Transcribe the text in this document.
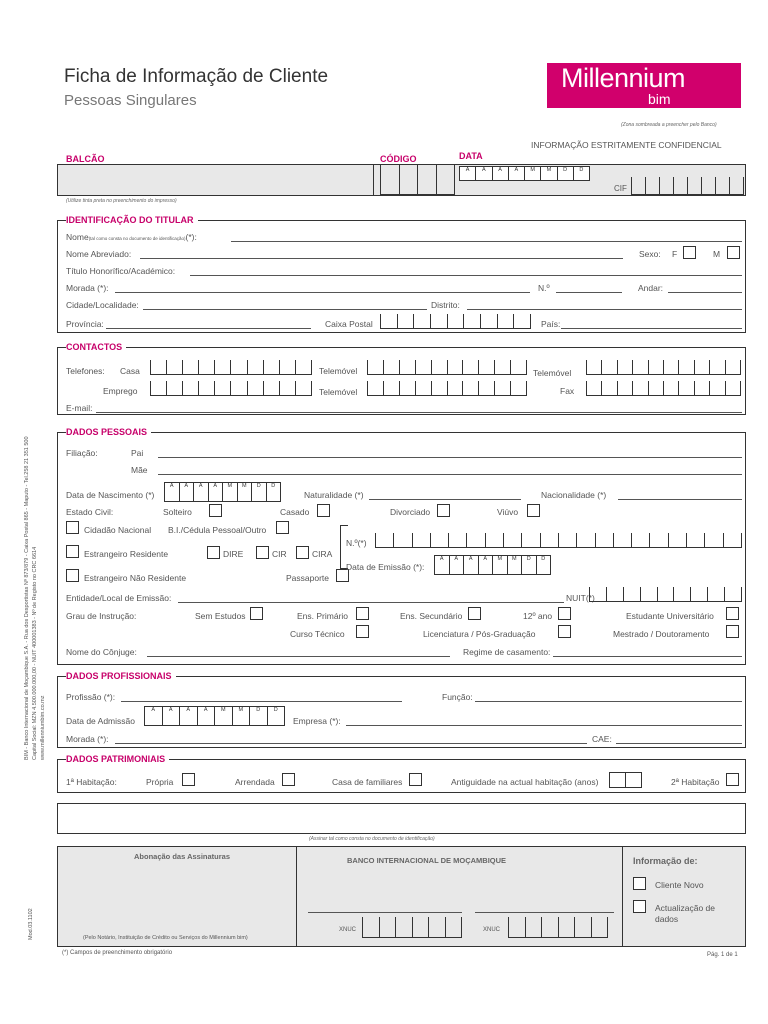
Ficha de Informação de Cliente
Pessoas Singulares
Millennium
bim
(Zona sombreada a preencher pelo Banco)
INFORMAÇÃO ESTRITAMENTE CONFIDENCIAL
BALCÃO	CÓDIGO	DATA
A	A	A	A	M	M	D	D
CIF
(Utilize tinta preta no preenchimento do impresso)
IDENTIFICAÇÃO DO TITULAR
Nome(tal como consta no documento de identificação)(*):
Nome Abreviado:	Sexo: F	M
Título Honorífico/Académico:
Morada (*):	N.º	Andar:
Cidade/Localidade:	Distrito:
Província:	Caixa Postal	País:
CONTACTOS
Telefones: Casa	Telemóvel	Telemóvel
Emprego	Telemóvel	Fax
E-mail:
DADOS PESSOAIS
Filiação:	Pai
Mãe
Data de Nascimento (*)
A	A	A	A	M	M	D	D
Naturalidade (*)	Nacionalidade (*)
Estado Civil:	Solteiro	Casado	Divorciado	Viúvo
Cidadão Nacional B.I./Cédula Pessoal/Outro
Estrangeiro Residente	DIRE	CIR	CIRA
Estrangeiro Não Residente	Passaporte
N.º(*)
Data de Emissão (*):
A	A	A	A	M	M	D	D
Entidade/Local de Emissão:	NUIT(*)
Grau de Instrução:	Sem Estudos	Ens. Primário	Ens. Secundário	12º ano	Estudante Universitário
Curso Técnico	Licenciatura / Pós-Graduação	Mestrado / Doutoramento
Nome do Cônjuge:	Regime de casamento:
DADOS PROFISSIONAIS
Profissão (*):	Função:
Data de Admissão
A	A	A	A	M	M	D	D
Empresa (*):
Morada (*):	CAE:
DADOS PATRIMONIAIS
1ª Habitação:	Própria	Arrendada	Casa de familiares	Antiguidade na actual habitação (anos)	2ª Habitação
(Assinar tal como consta no documento de identificação)
Abonação das Assinaturas
(Pelo Notário, Instituição de Crédito ou Serviços do Millennium bim)
BANCO INTERNACIONAL DE MOÇAMBIQUE
XNUC	XNUC
Informação de:
Cliente Novo
Actualização de
dados
(*) Campos de preenchimento obrigatório	Pág. 1 de 1
Mod.03.1102
BIM - Banco Internacional de Moçambique S.A. - Rua dos Desportistas Nº 873/879 - Caixa Postal 865 - Maputo - Tel.258 21 351 500 Capital Social: MZN 4.500.000.000,00 - NUIT 400001383 - Nº de Registo no CRC 6614 www.millenniumbim.co.mz
